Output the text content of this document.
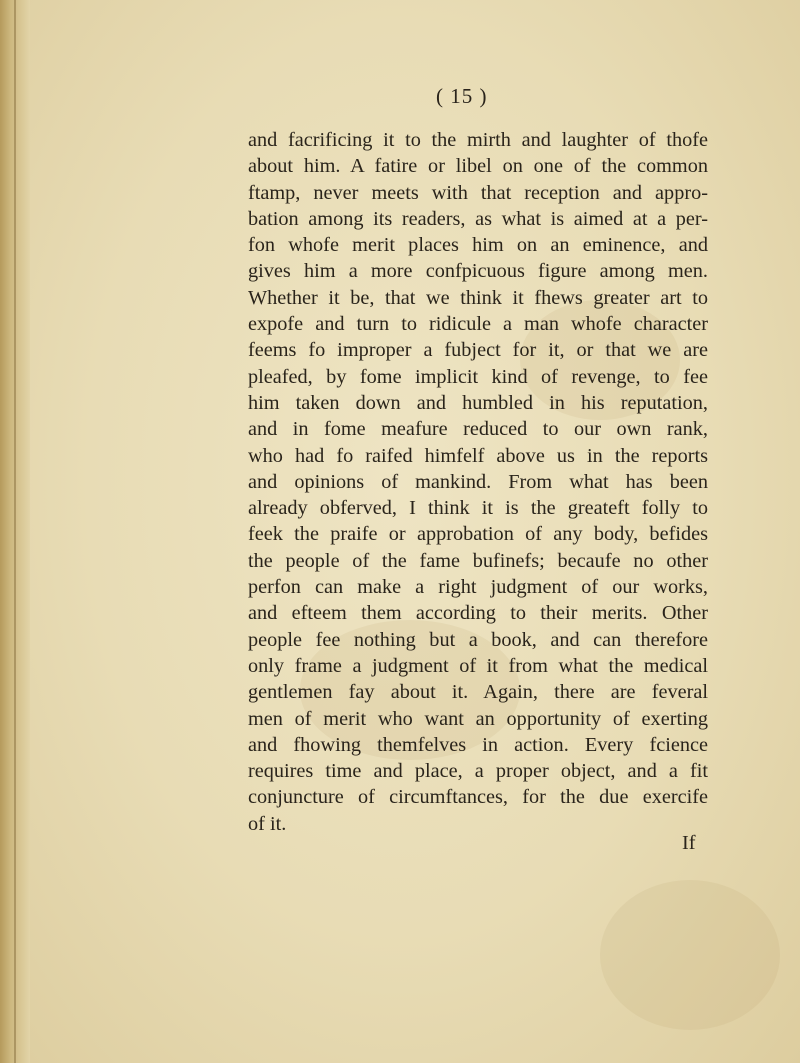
( 15 )
and facrificing it to the mirth and laughter of thofe
about him. A fatire or libel on one of the common
ftamp, never meets with that reception and appro-
bation among its readers, as what is aimed at a per-
fon whofe merit places him on an eminence, and
gives him a more confpicuous figure among men.
Whether it be, that we think it fhews greater art to
expofe and turn to ridicule a man whofe character
feems fo improper a fubject for it, or that we are
pleafed, by fome implicit kind of revenge, to fee
him taken down and humbled in his reputation,
and in fome meafure reduced to our own rank,
who had fo raifed himfelf above us in the reports
and opinions of mankind. From what has been
already obferved, I think it is the greateft folly to
feek the praife or approbation of any body, befides
the people of the fame bufinefs; becaufe no other
perfon can make a right judgment of our works,
and efteem them according to their merits. Other
people fee nothing but a book, and can therefore
only frame a judgment of it from what the medical
gentlemen fay about it. Again, there are feveral
men of merit who want an opportunity of exerting
and fhowing themfelves in action. Every fcience
requires time and place, a proper object, and a fit
conjuncture of circumftances, for the due exercife
of it.
If
